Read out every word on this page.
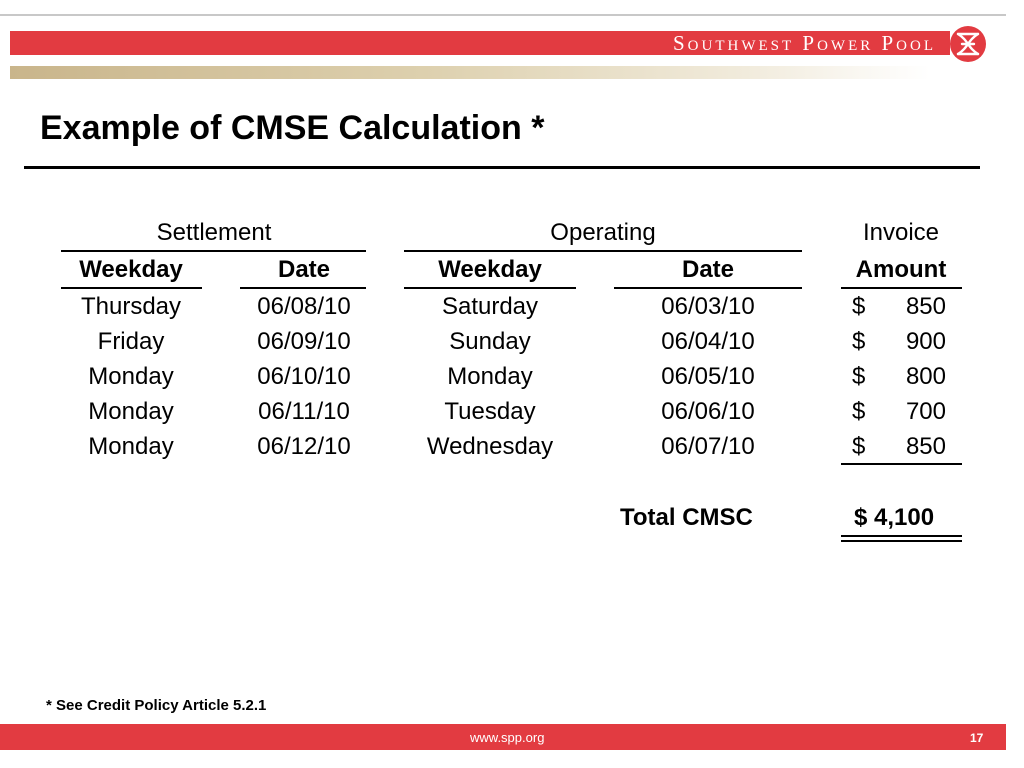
Southwest Power Pool
Example of CMSE Calculation *
Settlement	Operating	Invoice
Weekday	Date	Weekday	Date	Amount
Thursday	06/08/10	Saturday	06/03/10	$ 850
Friday	06/09/10	Sunday	06/04/10	$ 900
Monday	06/10/10	Monday	06/05/10	$ 800
Monday	06/11/10	Tuesday	06/06/10	$ 700
Monday	06/12/10	Wednesday	06/07/10	$ 850
Total CMSC	$ 4,100
* See Credit Policy Article 5.2.1
www.spp.org	17
